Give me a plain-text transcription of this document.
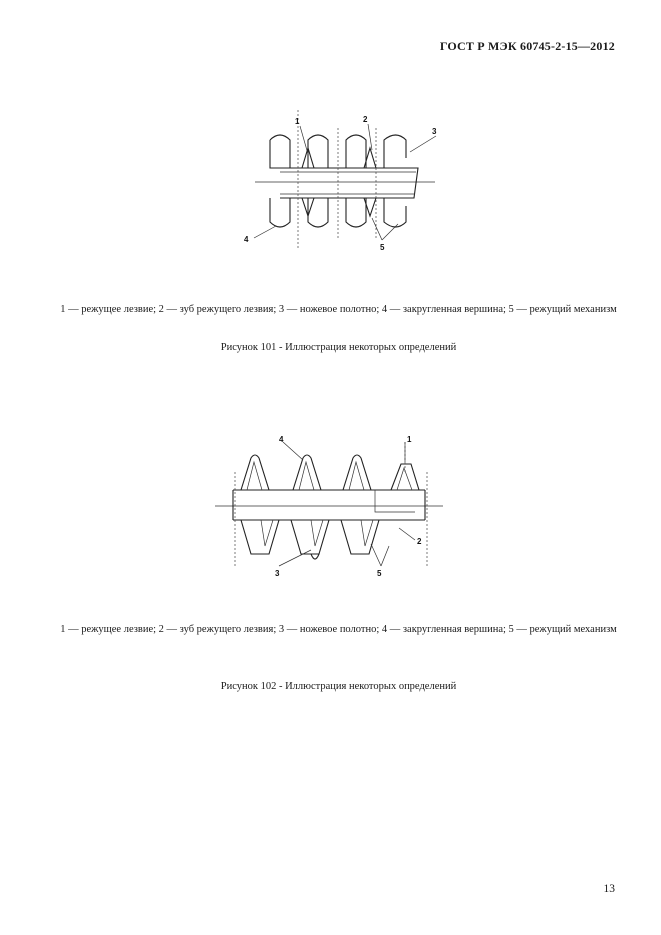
ГОСТ Р МЭК 60745-2-15—2012
1	2
3
4
5
1 — режущее лезвие; 2 — зуб режущего лезвия; 3 — ножевое полотно; 4 — закругленная вершина; 5 — режущий механизм
Рисунок 101 - Иллюстрация некоторых определений
4	1
2
3	5
1 — режущее лезвие; 2 — зуб режущего лезвия; 3 — ножевое полотно; 4 — закругленная вершина; 5 — режущий механизм
Рисунок 102 - Иллюстрация некоторых определений
13
